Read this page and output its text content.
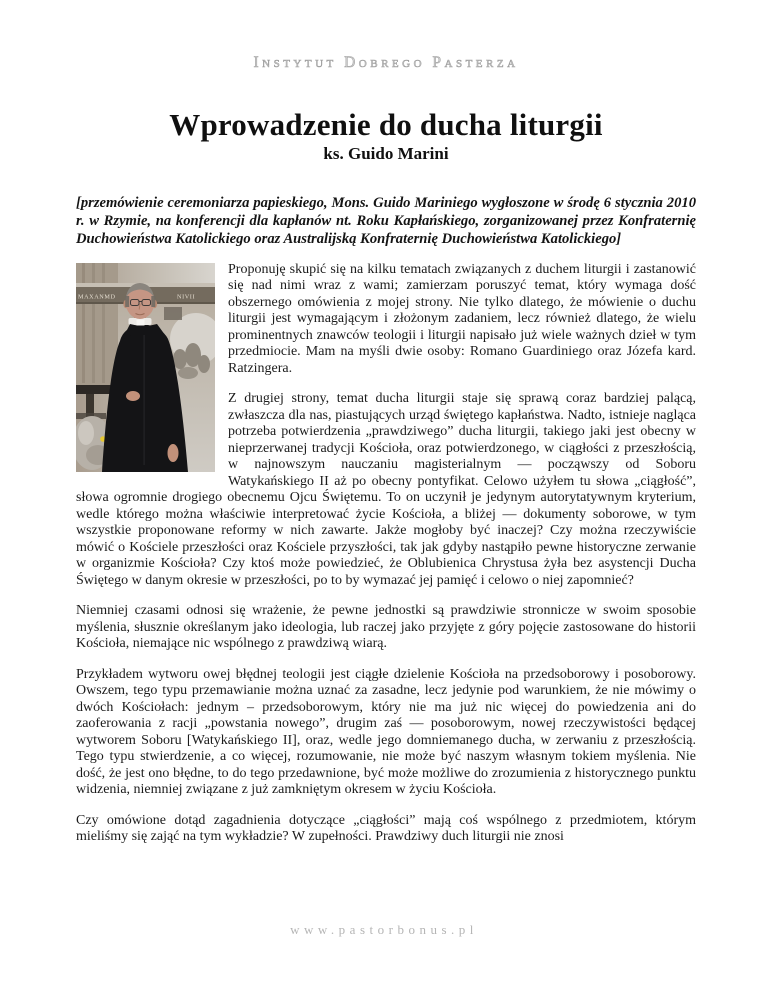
Instytut Dobrego Pasterza
Wprowadzenie do ducha liturgii
ks. Guido Marini

[przemówienie ceremoniarza papieskiego, Mons. Guido Mariniego wygłoszone w środę 6 stycznia 2010 r. w Rzymie, na konferencji dla kapłanów nt. Roku Kapłańskiego, zorganizowanej przez Konfraternię Duchowieństwa Katolickiego oraz Australijską Konfraternię Duchowieństwa Katolickiego]

MAXANMD	NIVII

Proponuję skupić się na kilku tematach związanych z duchem liturgii i zastanowić się nad nimi wraz z wami; zamierzam poruszyć temat, który wymaga dość obszernego omówienia z mojej strony. Nie tylko dlatego, że mówienie o duchu liturgii jest wymagającym i złożonym zadaniem, lecz również dlatego, że wielu prominentnych znawców teologii i liturgii napisało już wiele ważnych dzieł w tym przedmiocie. Mam na myśli dwie osoby: Romano Guardiniego oraz Józefa kard. Ratzingera.

Z drugiej strony, temat ducha liturgii staje się sprawą coraz bardziej palącą, zwłaszcza dla nas, piastujących urząd świętego kapłaństwa. Nadto, istnieje nagląca potrzeba potwierdzenia „prawdziwego” ducha liturgii, takiego jaki jest obecny w nieprzerwanej tradycji Kościoła, oraz potwierdzonego, w ciągłości z przeszłością, w najnowszym nauczaniu magisterialnym — począwszy od Soboru Watykańskiego II aż po obecny pontyfikat. Celowo użyłem tu słowa „ciągłość”, słowa ogromnie drogiego obecnemu Ojcu Świętemu. To on uczynił je jedynym autorytatywnym kryterium, wedle którego można właściwie interpretować życie Kościoła, a bliżej — dokumenty soborowe, w tym wszystkie proponowane reformy w nich zawarte. Jakże mogłoby być inaczej? Czy można rzeczywiście mówić o Kościele przeszłości oraz Kościele przyszłości, tak jak gdyby nastąpiło pewne historyczne zerwanie w organizmie Kościoła? Czy ktoś może powiedzieć, że Oblubienica Chrystusa żyła bez asystencji Ducha Świętego w danym okresie w przeszłości, po to by wymazać jej pamięć i celowo o niej zapomnieć?

Niemniej czasami odnosi się wrażenie, że pewne jednostki są prawdziwie stronnicze w swoim sposobie myślenia, słusznie określanym jako ideologia, lub raczej jako przyjęte z góry pojęcie zastosowane do historii Kościoła, niemające nic wspólnego z prawdziwą wiarą.

Przykładem wytworu owej błędnej teologii jest ciągłe dzielenie Kościoła na przedsoborowy i posoborowy. Owszem, tego typu przemawianie można uznać za zasadne, lecz jedynie pod warunkiem, że nie mówimy o dwóch Kościołach: jednym – przedsoborowym, który nie ma już nic więcej do powiedzenia ani do zaoferowania z racji „powstania nowego”, drugim zaś — posoborowym, nowej rzeczywistości będącej wytworem Soboru [Watykańskiego II], oraz, wedle jego domniemanego ducha, w zerwaniu z przeszłością. Tego typu stwierdzenie, a co więcej, rozumowanie, nie może być naszym własnym tokiem myślenia. Nie dość, że jest ono błędne, to do tego przedawnione, być może możliwe do zrozumienia z historycznego punktu widzenia, niemniej związane z już zamkniętym okresem w życiu Kościoła.

Czy omówione dotąd zagadnienia dotyczące „ciągłości” mają coś wspólnego z przedmiotem, którym mieliśmy się zająć na tym wykładzie? W zupełności. Prawdziwy duch liturgii nie znosi

www.pastorbonus.pl
